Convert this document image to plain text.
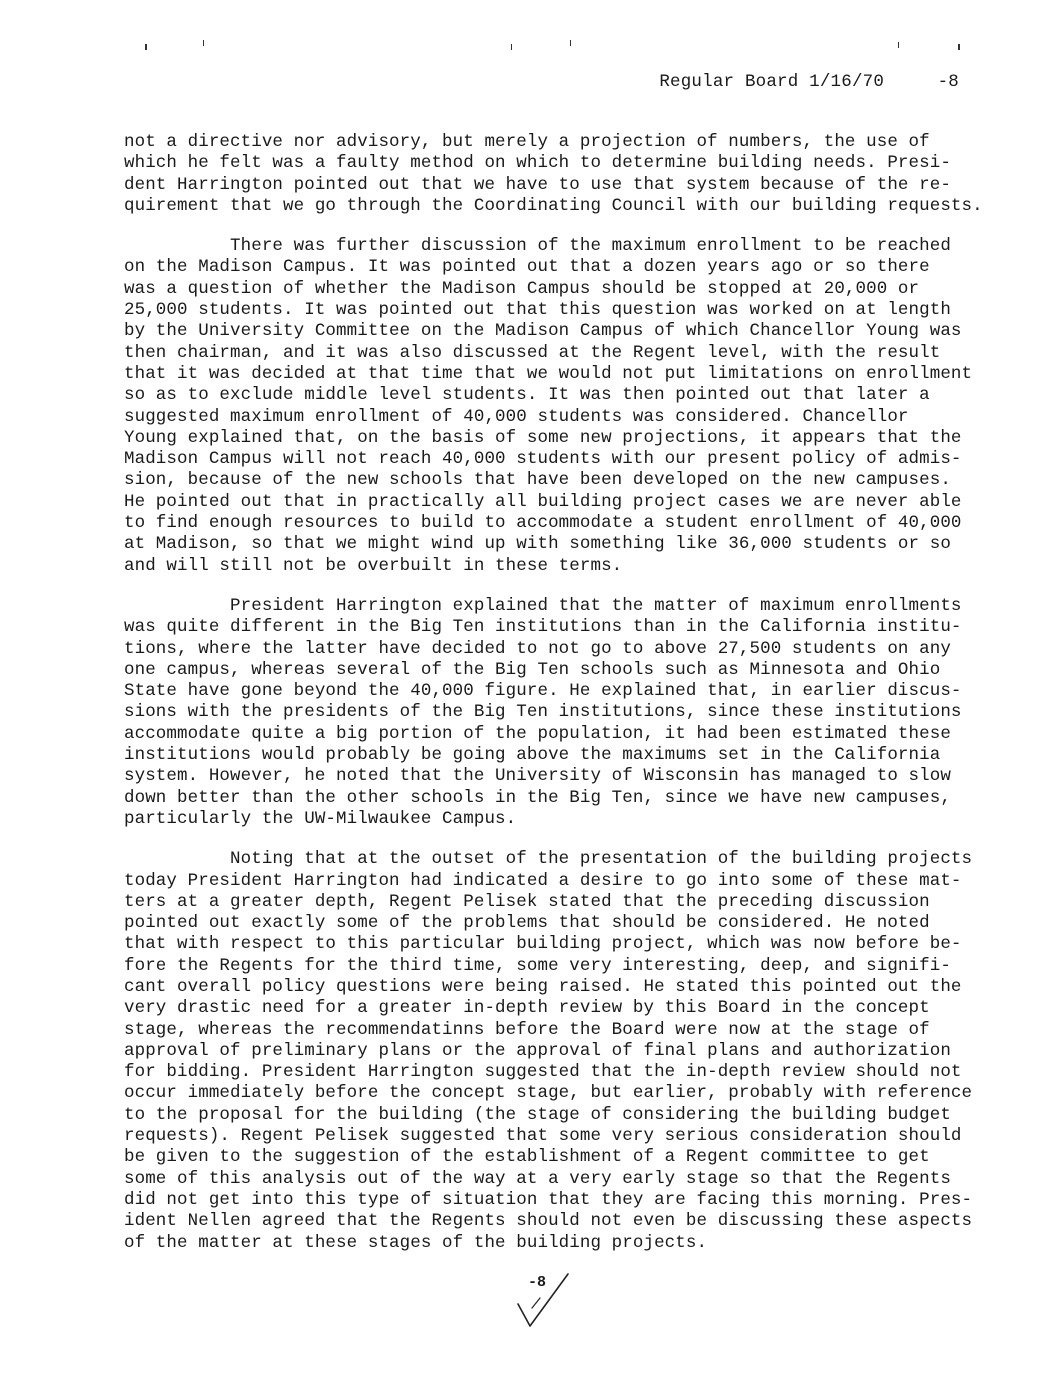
Regular Board 1/16/70	-8
not a directive nor advisory, but merely a projection of numbers, the use of
which he felt was a faulty method on which to determine building needs. Presi-
dent Harrington pointed out that we have to use that system because of the re-
quirement that we go through the Coordinating Council with our building requests.
There was further discussion of the maximum enrollment to be reached
on the Madison Campus. It was pointed out that a dozen years ago or so there
was a question of whether the Madison Campus should be stopped at 20,000 or
25,000 students. It was pointed out that this question was worked on at length
by the University Committee on the Madison Campus of which Chancellor Young was
then chairman, and it was also discussed at the Regent level, with the result
that it was decided at that time that we would not put limitations on enrollment
so as to exclude middle level students. It was then pointed out that later a
suggested maximum enrollment of 40,000 students was considered. Chancellor
Young explained that, on the basis of some new projections, it appears that the
Madison Campus will not reach 40,000 students with our present policy of admis-
sion, because of the new schools that have been developed on the new campuses.
He pointed out that in practically all building project cases we are never able
to find enough resources to build to accommodate a student enrollment of 40,000
at Madison, so that we might wind up with something like 36,000 students or so
and will still not be overbuilt in these terms.
President Harrington explained that the matter of maximum enrollments
was quite different in the Big Ten institutions than in the California institu-
tions, where the latter have decided to not go to above 27,500 students on any
one campus, whereas several of the Big Ten schools such as Minnesota and Ohio
State have gone beyond the 40,000 figure. He explained that, in earlier discus-
sions with the presidents of the Big Ten institutions, since these institutions
accommodate quite a big portion of the population, it had been estimated these
institutions would probably be going above the maximums set in the California
system. However, he noted that the University of Wisconsin has managed to slow
down better than the other schools in the Big Ten, since we have new campuses,
particularly the UW-Milwaukee Campus.
Noting that at the outset of the presentation of the building projects
today President Harrington had indicated a desire to go into some of these mat-
ters at a greater depth, Regent Pelisek stated that the preceding discussion
pointed out exactly some of the problems that should be considered. He noted
that with respect to this particular building project, which was now before be-
fore the Regents for the third time, some very interesting, deep, and signifi-
cant overall policy questions were being raised. He stated this pointed out the
very drastic need for a greater in-depth review by this Board in the concept
stage, whereas the recommendatinns before the Board were now at the stage of
approval of preliminary plans or the approval of final plans and authorization
for bidding. President Harrington suggested that the in-depth review should not
occur immediately before the concept stage, but earlier, probably with reference
to the proposal for the building (the stage of considering the building budget
requests). Regent Pelisek suggested that some very serious consideration should
be given to the suggestion of the establishment of a Regent committee to get
some of this analysis out of the way at a very early stage so that the Regents
did not get into this type of situation that they are facing this morning. Pres-
ident Nellen agreed that the Regents should not even be discussing these aspects
of the matter at these stages of the building projects.
-8
